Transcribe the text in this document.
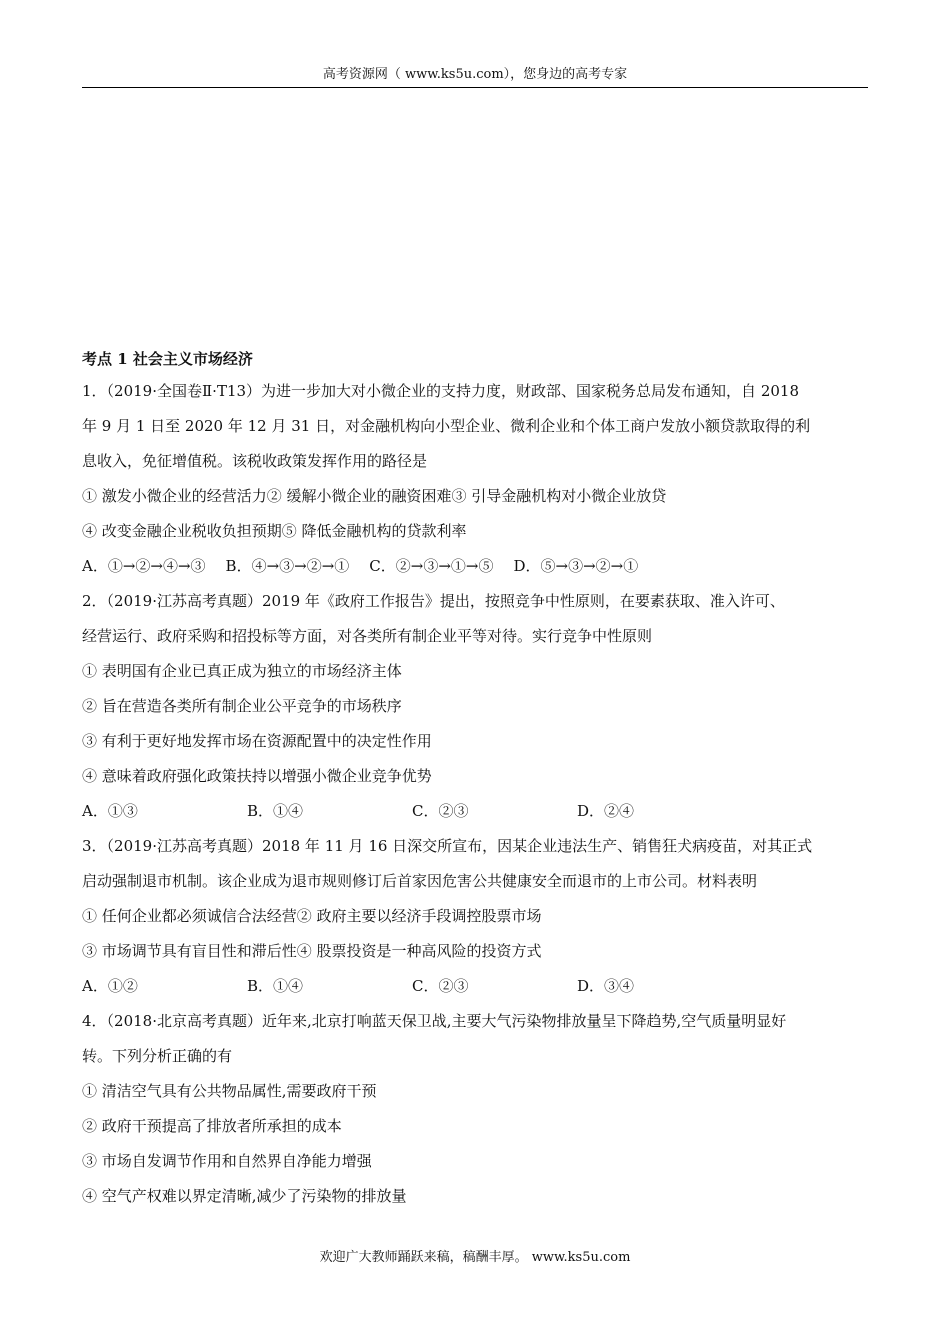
高考资源网（ www.ks5u.com），您身边的高考专家
考点 1 社会主义市场经济
1．（2019·全国卷Ⅱ·T13）为进一步加大对小微企业的支持力度，财政部、国家税务总局发布通知，自 2018
年 9 月 1 日至 2020 年 12 月 31 日，对金融机构向小型企业、微利企业和个体工商户发放小额贷款取得的利
息收入，免征增值税。该税收政策发挥作用的路径是
① 激发小微企业的经营活力② 缓解小微企业的融资困难③ 引导金融机构对小微企业放贷
④ 改变金融企业税收负担预期⑤ 降低金融机构的贷款利率
A．①→②→④→③ B．④→③→②→① C．②→③→①→⑤ D．⑤→③→②→①
2．（2019·江苏高考真题）2019 年《政府工作报告》提出，按照竞争中性原则，在要素获取、准入许可、
经营运行、政府采购和招投标等方面，对各类所有制企业平等对待。实行竞争中性原则
① 表明国有企业已真正成为独立的市场经济主体
② 旨在营造各类所有制企业公平竞争的市场秩序
③ 有利于更好地发挥市场在资源配置中的决定性作用
④ 意味着政府强化政策扶持以增强小微企业竞争优势
A．①③	B．①④	C．②③	D．②④
3．（2019·江苏高考真题）2018 年 11 月 16 日深交所宣布，因某企业违法生产、销售狂犬病疫苗，对其正式
启动强制退市机制。该企业成为退市规则修订后首家因危害公共健康安全而退市的上市公司。材料表明
① 任何企业都必须诚信合法经营② 政府主要以经济手段调控股票市场
③ 市场调节具有盲目性和滞后性④ 股票投资是一种高风险的投资方式
A．①②	B．①④	C．②③	D．③④
4．（2018·北京高考真题）近年来,北京打响蓝天保卫战,主要大气污染物排放量呈下降趋势,空气质量明显好
转。下列分析正确的有
① 清洁空气具有公共物品属性,需要政府干预
② 政府干预提高了排放者所承担的成本
③ 市场自发调节作用和自然界自净能力增强
④ 空气产权难以界定清晰,减少了污染物的排放量
欢迎广大教师踊跃来稿，稿酬丰厚。 www.ks5u.com
